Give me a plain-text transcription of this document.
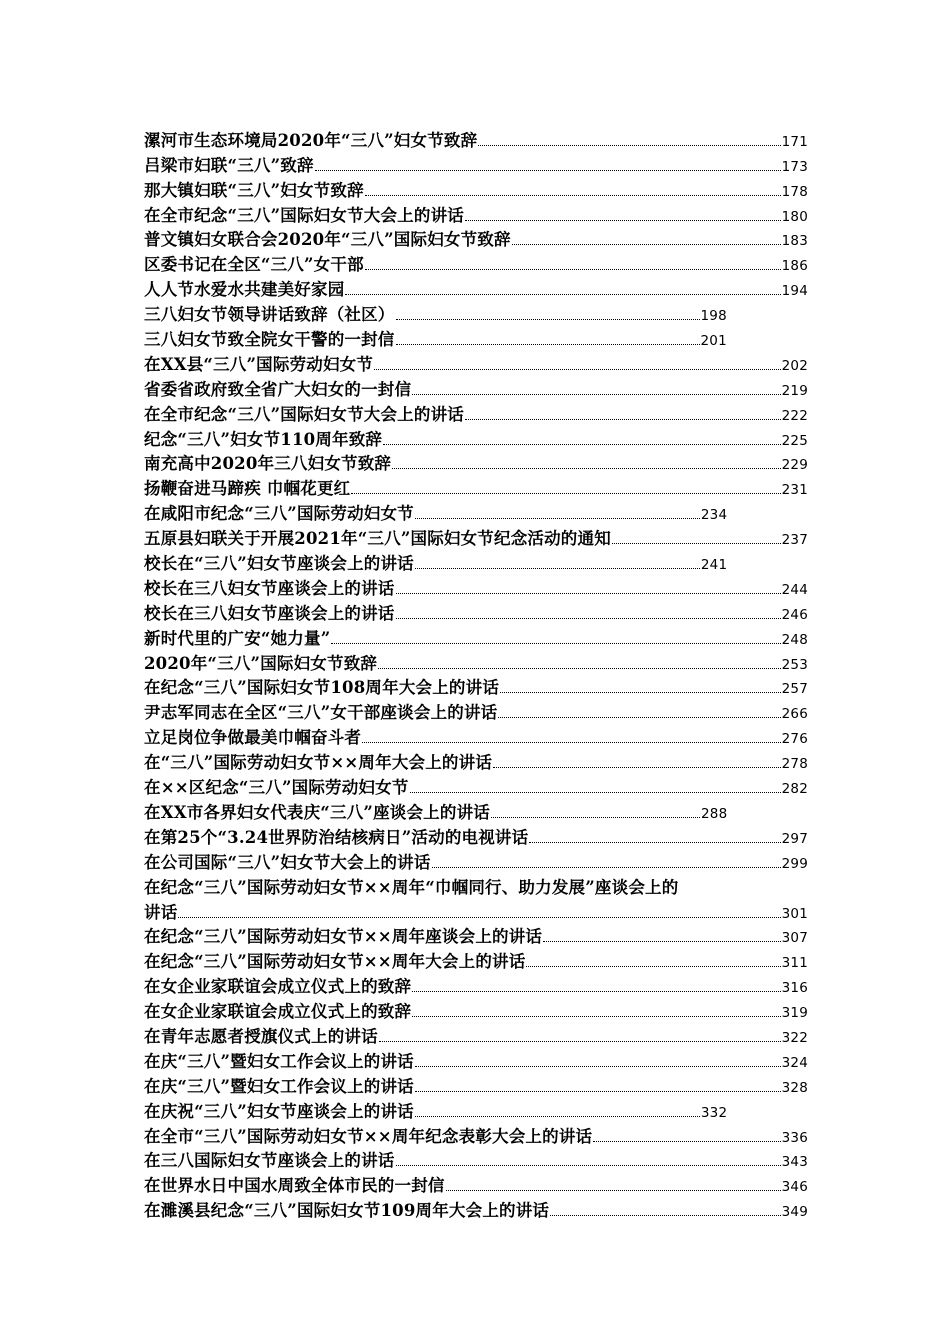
漯河市生态环境局2020年“三八”妇女节致辞	171
吕梁市妇联“三八”致辞	173
那大镇妇联“三八”妇女节致辞	178
在全市纪念“三八”国际妇女节大会上的讲话	180
普文镇妇女联合会2020年“三八”国际妇女节致辞	183
区委书记在全区“三八”女干部	186
人人节水爱水共建美好家园	194
三八妇女节领导讲话致辞（社区）	198
三八妇女节致全院女干警的一封信	201
在XX县“三八”国际劳动妇女节	202
省委省政府致全省广大妇女的一封信	219
在全市纪念“三八”国际妇女节大会上的讲话	222
纪念“三八”妇女节110周年致辞	225
南充高中2020年三八妇女节致辞	229
扬鞭奋进马蹄疾 巾帼花更红	231
在咸阳市纪念“三八”国际劳动妇女节	234
五原县妇联关于开展2021年“三八”国际妇女节纪念活动的通知	237
校长在“三八”妇女节座谈会上的讲话	241
校长在三八妇女节座谈会上的讲话	244
校长在三八妇女节座谈会上的讲话	246
新时代里的广安“她力量”	248
2020年“三八”国际妇女节致辞	253
在纪念“三八”国际妇女节108周年大会上的讲话	257
尹志军同志在全区“三八”女干部座谈会上的讲话	266
立足岗位争做最美巾帼奋斗者	276
在“三八”国际劳动妇女节××周年大会上的讲话	278
在××区纪念“三八”国际劳动妇女节	282
在XX市各界妇女代表庆“三八”座谈会上的讲话	288
在第25个“3.24世界防治结核病日”活动的电视讲话	297
在公司国际“三八”妇女节大会上的讲话	299
在纪念“三八”国际劳动妇女节××周年“巾帼同行、助力发展”座谈会上的
讲话	301
在纪念“三八”国际劳动妇女节××周年座谈会上的讲话	307
在纪念“三八”国际劳动妇女节××周年大会上的讲话	311
在女企业家联谊会成立仪式上的致辞	316
在女企业家联谊会成立仪式上的致辞	319
在青年志愿者授旗仪式上的讲话	322
在庆“三八”暨妇女工作会议上的讲话	324
在庆“三八”暨妇女工作会议上的讲话	328
在庆祝“三八”妇女节座谈会上的讲话	332
在全市“三八”国际劳动妇女节××周年纪念表彰大会上的讲话	336
在三八国际妇女节座谈会上的讲话	343
在世界水日中国水周致全体市民的一封信	346
在濉溪县纪念“三八”国际妇女节109周年大会上的讲话	349
